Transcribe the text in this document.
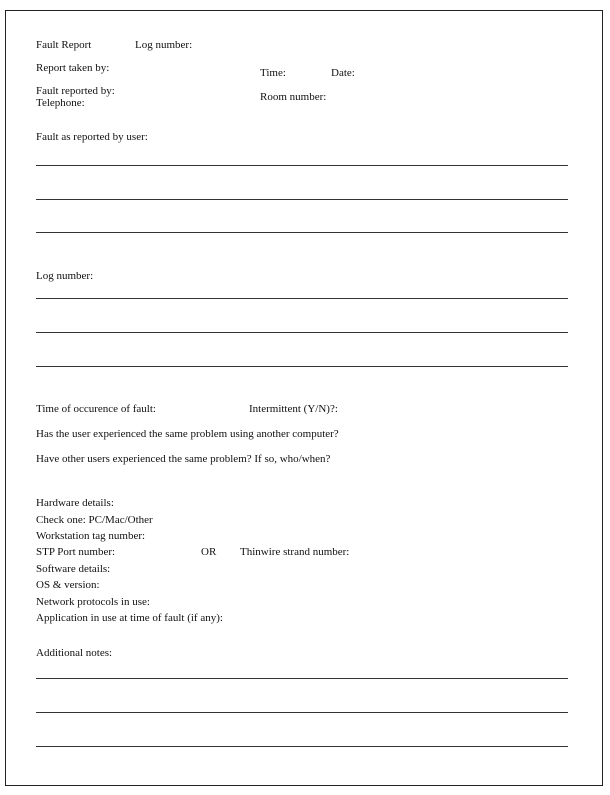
Fault Report	Log number:
Report taken by:	Time:	Date:
Fault reported by:
Telephone:	Room number:
Fault as reported by user:
Log number:
Time of occurence of fault:	Intermittent (Y/N)?:
Has the user experienced the same problem using another computer?
Have other users experienced the same problem? If so, who/when?
Hardware details:
Check one: PC/Mac/Other
Workstation tag number:
STP Port number:	OR Thinwire strand number:
Software details:
OS & version:
Network protocols in use:
Application in use at time of fault (if any):
Additional notes:
